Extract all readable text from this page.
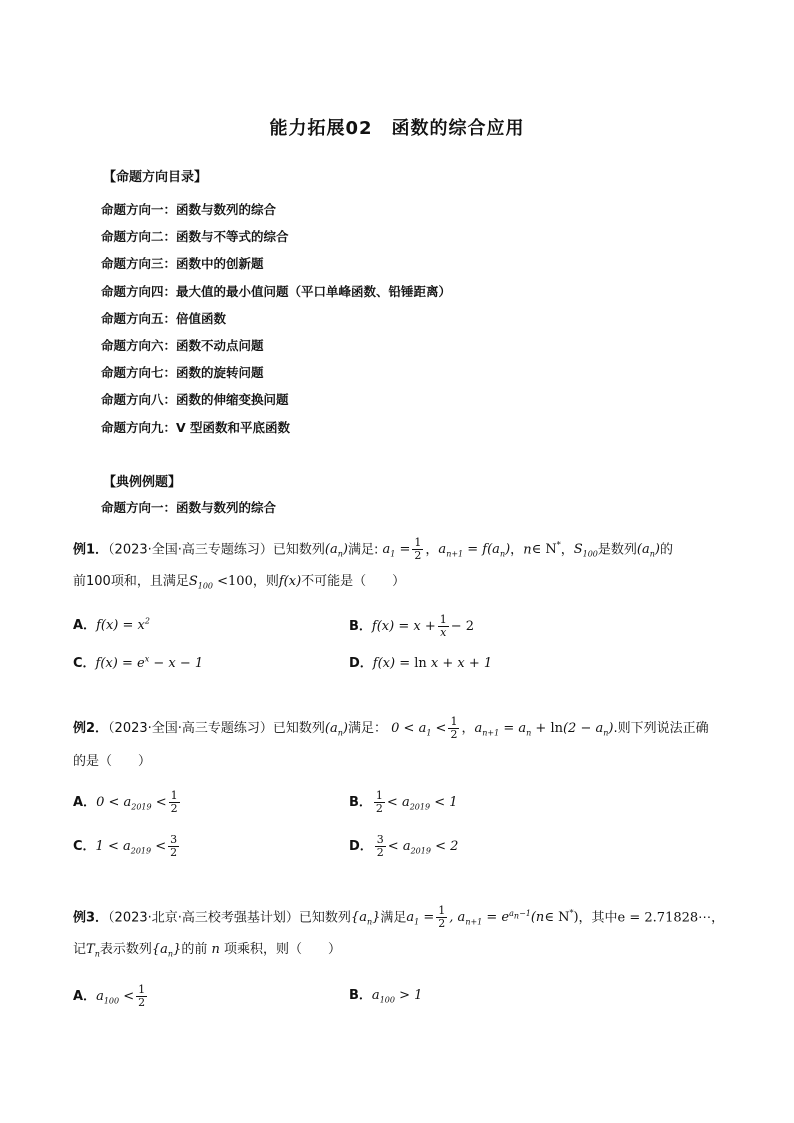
能力拓展02　函数的综合应用
【命题方向目录】
命题方向一：函数与数列的综合
命题方向二：函数与不等式的综合
命题方向三：函数中的创新题
命题方向四：最大值的最小值问题（平口单峰函数、铅锤距离）
命题方向五：倍值函数
命题方向六：函数不动点问题
命题方向七：函数的旋转问题
命题方向八：函数的伸缩变换问题
命题方向九：V 型函数和平底函数
【典例例题】
命题方向一：函数与数列的综合
例1．（2023·全国·高三专题练习）已知数列$(a_n)$满足: $a_1 = \frac{1}{2}$ ，$a_{n+1} = f(a_n)$，n∈ N*，$S_{100}$是数列$(a_n)$的
前100项和，且满足$S_{100} <100$，则f(x)不可能是（　　）
A．$f(x) = x^2$	B．$f(x) = x + \frac{1}{x} - 2$
C．$f(x) = e^x - x - 1$	D．f(x) = ln x + x + 1
例2．（2023·全国·高三专题练习）已知数列$(a_n)$满足： $0 < a_1 < \frac{1}{2}$ ，$a_{n+1} = a_n + \ln(2 - a_n)$.则下列说法正确
的是（　　）
A．$0 < a_{2019} < \frac{1}{2}$	B． $\frac{1}{2} < a_{2019} < 1$
C．$1 < a_{2019} < \frac{3}{2}$	D． $\frac{3}{2} < a_{2019} < 2$
例3．（2023·北京·高三校考强基计划）已知数列$\{a_n\}$满足$a_1 = \frac{1}{2}$ , $a_{n+1}$ = $e^{a_n-1}(n\in$ N*)，其中e = 2.71828⋯，
记$T_n$表示数列$\{a_n\}$的前 n 项乘积，则（　　）
A．$a_{100} < \frac{1}{2}$	B．$a_{100} > 1$
